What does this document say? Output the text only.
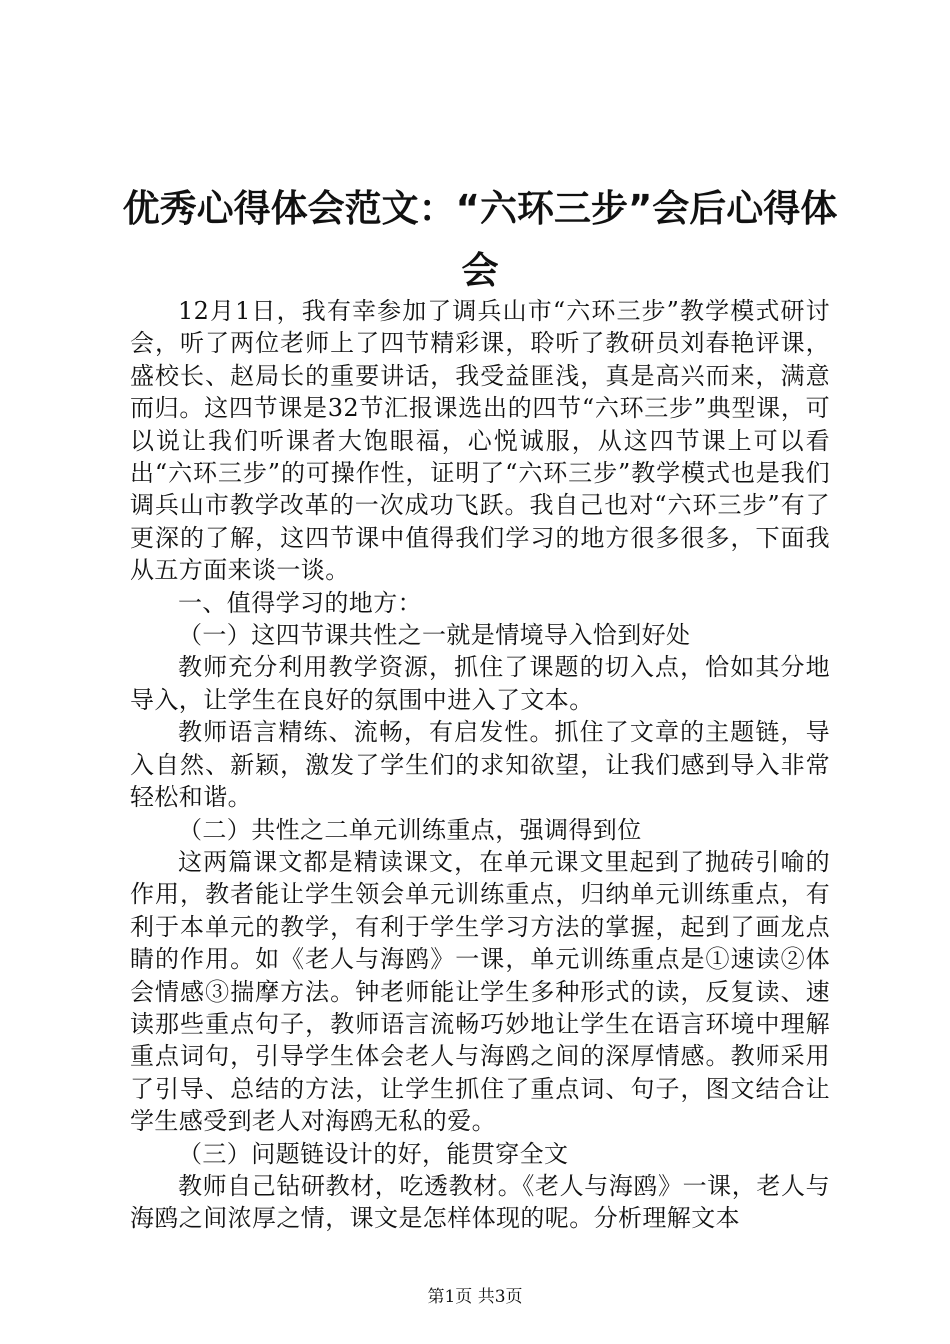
优秀心得体会范文：“六环三步”会后心得体会

12月1日，我有幸参加了调兵山市“六环三步”教学模式研讨会，听了两位老师上了四节精彩课，聆听了教研员刘春艳评课，盛校长、赵局长的重要讲话，我受益匪浅，真是高兴而来，满意而归。这四节课是32节汇报课选出的四节“六环三步”典型课，可以说让我们听课者大饱眼福，心悦诚服，从这四节课上可以看出“六环三步”的可操作性，证明了“六环三步”教学模式也是我们调兵山市教学改革的一次成功飞跃。我自己也对“六环三步”有了更深的了解，这四节课中值得我们学习的地方很多很多，下面我从五方面来谈一谈。

一、值得学习的地方：

（一）这四节课共性之一就是情境导入恰到好处

教师充分利用教学资源，抓住了课题的切入点，恰如其分地导入，让学生在良好的氛围中进入了文本。

教师语言精练、流畅，有启发性。抓住了文章的主题链，导入自然、新颖，激发了学生们的求知欲望，让我们感到导入非常轻松和谐。

（二）共性之二单元训练重点，强调得到位

这两篇课文都是精读课文，在单元课文里起到了抛砖引喻的作用，教者能让学生领会单元训练重点，归纳单元训练重点，有利于本单元的教学，有利于学生学习方法的掌握，起到了画龙点睛的作用。如《老人与海鸥》一课，单元训练重点是①速读②体会情感③揣摩方法。钟老师能让学生多种形式的读，反复读、速读那些重点句子，教师语言流畅巧妙地让学生在语言环境中理解重点词句，引导学生体会老人与海鸥之间的深厚情感。教师采用了引导、总结的方法，让学生抓住了重点词、句子，图文结合让学生感受到老人对海鸥无私的爱。

（三）问题链设计的好，能贯穿全文

教师自己钻研教材，吃透教材。《老人与海鸥》一课，老人与海鸥之间浓厚之情，课文是怎样体现的呢。分析理解文本

第1页 共3页
